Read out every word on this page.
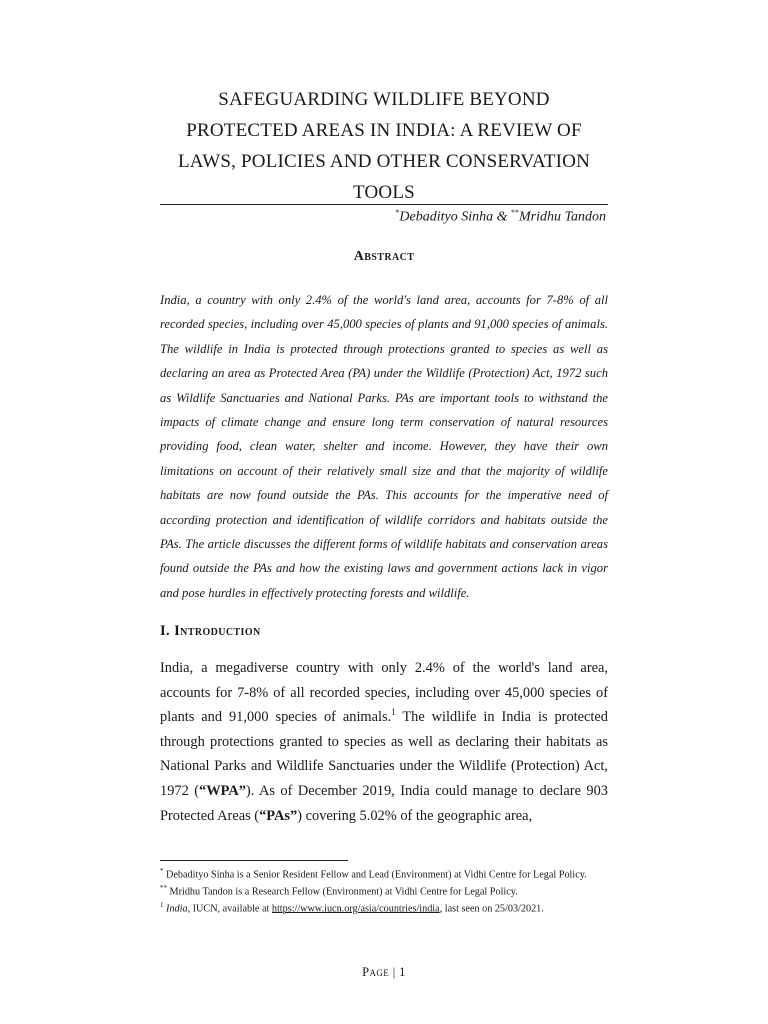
SAFEGUARDING WILDLIFE BEYOND
PROTECTED AREAS IN INDIA: A REVIEW OF
LAWS, POLICIES AND OTHER CONSERVATION
TOOLS
*Debadityo Sinha & **Mridhu Tandon
Abstract

India, a country with only 2.4% of the world's land area, accounts for 7-8% of all recorded species, including over 45,000 species of plants and 91,000 species of animals. The wildlife in India is protected through protections granted to species as well as declaring an area as Protected Area (PA) under the Wildlife (Protection) Act, 1972 such as Wildlife Sanctuaries and National Parks. PAs are important tools to withstand the impacts of climate change and ensure long term conservation of natural resources providing food, clean water, shelter and income. However, they have their own limitations on account of their relatively small size and that the majority of wildlife habitats are now found outside the PAs. This accounts for the imperative need of according protection and identification of wildlife corridors and habitats outside the PAs. The article discusses the different forms of wildlife habitats and conservation areas found outside the PAs and how the existing laws and government actions lack in vigor and pose hurdles in effectively protecting forests and wildlife.

I. Introduction

India, a megadiverse country with only 2.4% of the world's land area, accounts for 7-8% of all recorded species, including over 45,000 species of plants and 91,000 species of animals.$^1$ The wildlife in India is protected through protections granted to species as well as declaring their habitats as National Parks and Wildlife Sanctuaries under the Wildlife (Protection) Act, 1972 (“WPA”). As of December 2019, India could manage to declare 903 Protected Areas (“PAs”) covering 5.02% of the geographic area,

* Debadityo Sinha is a Senior Resident Fellow and Lead (Environment) at Vidhi Centre for Legal Policy.

** Mridhu Tandon is a Research Fellow (Environment) at Vidhi Centre for Legal Policy.

$^1$ India, IUCN, available at https://www.iucn.org/asia/countries/india, last seen on 25/03/2021.

Page | 1
